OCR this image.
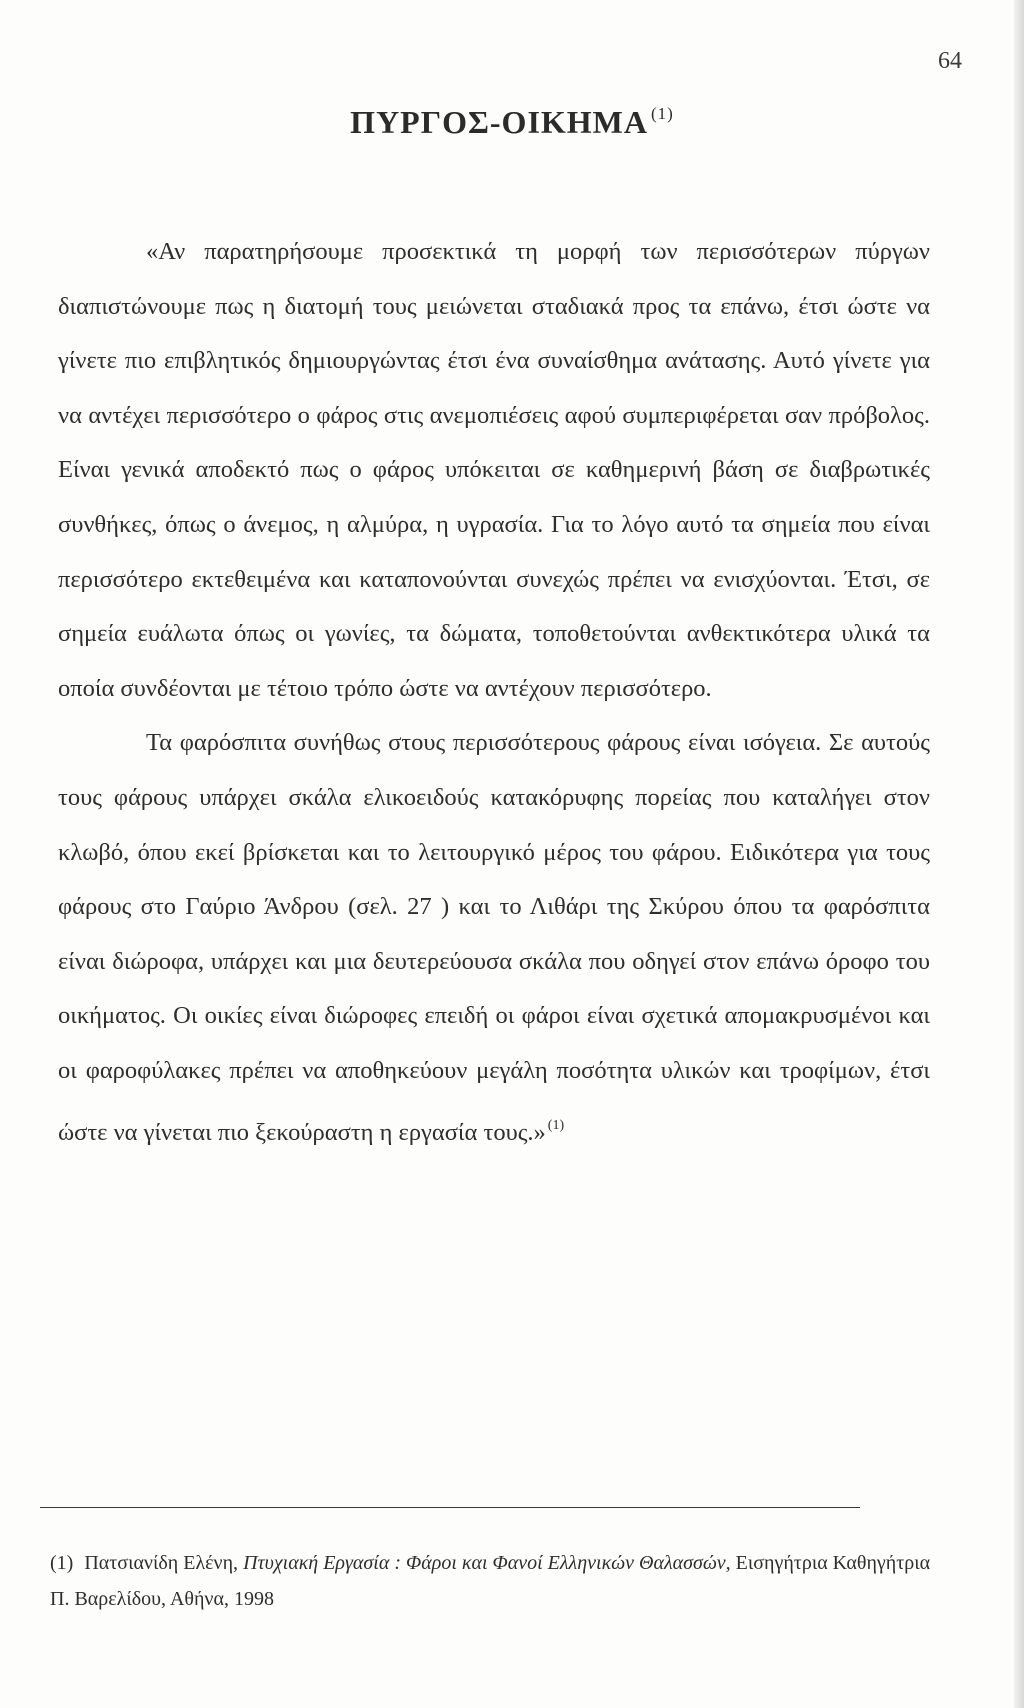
64
ΠΥΡΓΟΣ-ΟΙΚΗΜΑ $^{(1)}$

«Αν παρατηρήσουμε προσεκτικά τη μορφή των περισσότερων πύργων διαπιστώνουμε πως η διατομή τους μειώνεται σταδιακά προς τα επάνω, έτσι ώστε να γίνετε πιο επιβλητικός δημιουργώντας έτσι ένα συναίσθημα ανάτασης. Αυτό γίνετε για να αντέχει περισσότερο ο φάρος στις ανεμοπιέσεις αφού συμπεριφέρεται σαν πρόβολος. Είναι γενικά αποδεκτό πως ο φάρος υπόκειται σε καθημερινή βάση σε διαβρωτικές συνθήκες, όπως ο άνεμος, η αλμύρα, η υγρασία. Για το λόγο αυτό τα σημεία που είναι περισσότερο εκτεθειμένα και καταπονούνται συνεχώς πρέπει να ενισχύονται. Έτσι, σε σημεία ευάλωτα όπως οι γωνίες, τα δώματα, τοποθετούνται ανθεκτικότερα υλικά τα οποία συνδέονται με τέτοιο τρόπο ώστε να αντέχουν περισσότερο.

Τα φαρόσπιτα συνήθως στους περισσότερους φάρους είναι ισόγεια. Σε αυτούς τους φάρους υπάρχει σκάλα ελικοειδούς κατακόρυφης πορείας που καταλήγει στον κλωβό, όπου εκεί βρίσκεται και το λειτουργικό μέρος του φάρου. Ειδικότερα για τους φάρους στο Γαύριο Άνδρου (σελ. 27 ) και το Λιθάρι της Σκύρου όπου τα φαρόσπιτα είναι διώροφα, υπάρχει και μια δευτερεύουσα σκάλα που οδηγεί στον επάνω όροφο του οικήματος. Οι οικίες είναι διώροφες επειδή οι φάροι είναι σχετικά απομακρυσμένοι και οι φαροφύλακες πρέπει να αποθηκεύουν μεγάλη ποσότητα υλικών και τροφίμων, έτσι ώστε να γίνεται πιο ξεκούραστη η εργασία τους.» $^{(1)}$

(1) Πατσιανίδη Ελένη, Πτυχιακή Εργασία : Φάροι και Φανοί Ελληνικών Θαλασσών, Εισηγήτρια Καθηγήτρια Π. Βαρελίδου, Αθήνα, 1998
